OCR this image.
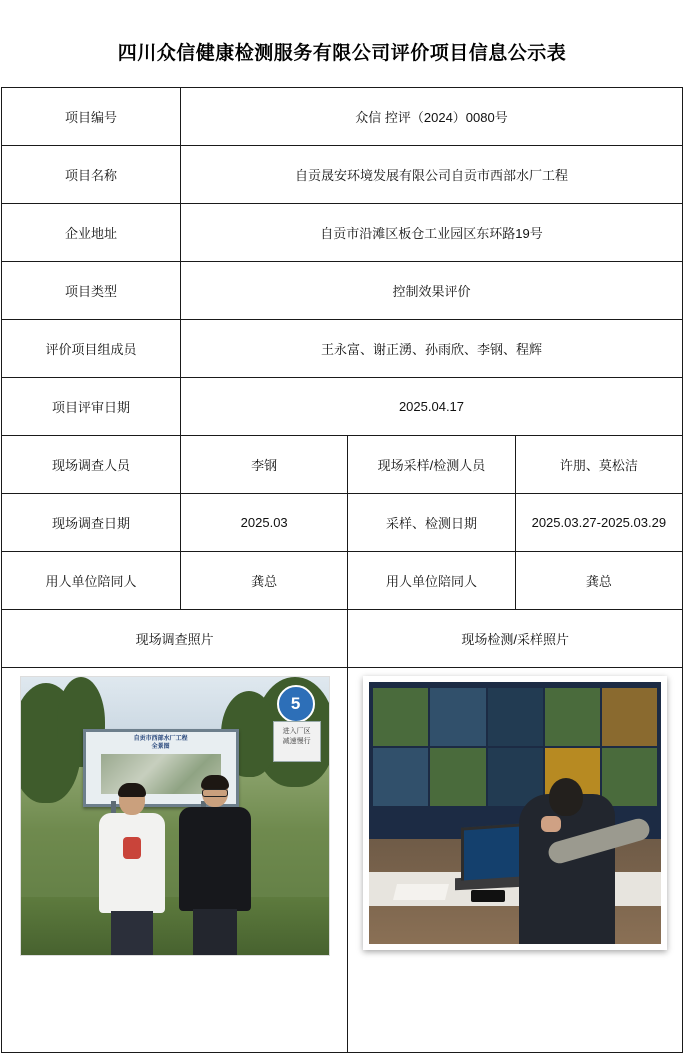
四川众信健康检测服务有限公司评价项目信息公示表
项目编号	众信 控评（2024）0080号		
项目名称	自贡晟安环境发展有限公司自贡市西部水厂工程		
企业地址	自贡市沿滩区板仓工业园区东环路19号		
项目类型	控制效果评价		
评价项目组成员	王永富、谢正湧、孙雨欣、李钢、程辉		
项目评审日期	2025.04.17		
现场调查人员	李钢	现场采样/检测人员	许朋、莫松洁
现场调查日期	2025.03	采样、检测日期	2025.03.27-2025.03.29
用人单位陪同人	龚总	用人单位陪同人	龚总
现场调查照片		现场检测/采样照片	

5
进入厂区
减速慢行
自贡市西部水厂工程
全景图			
